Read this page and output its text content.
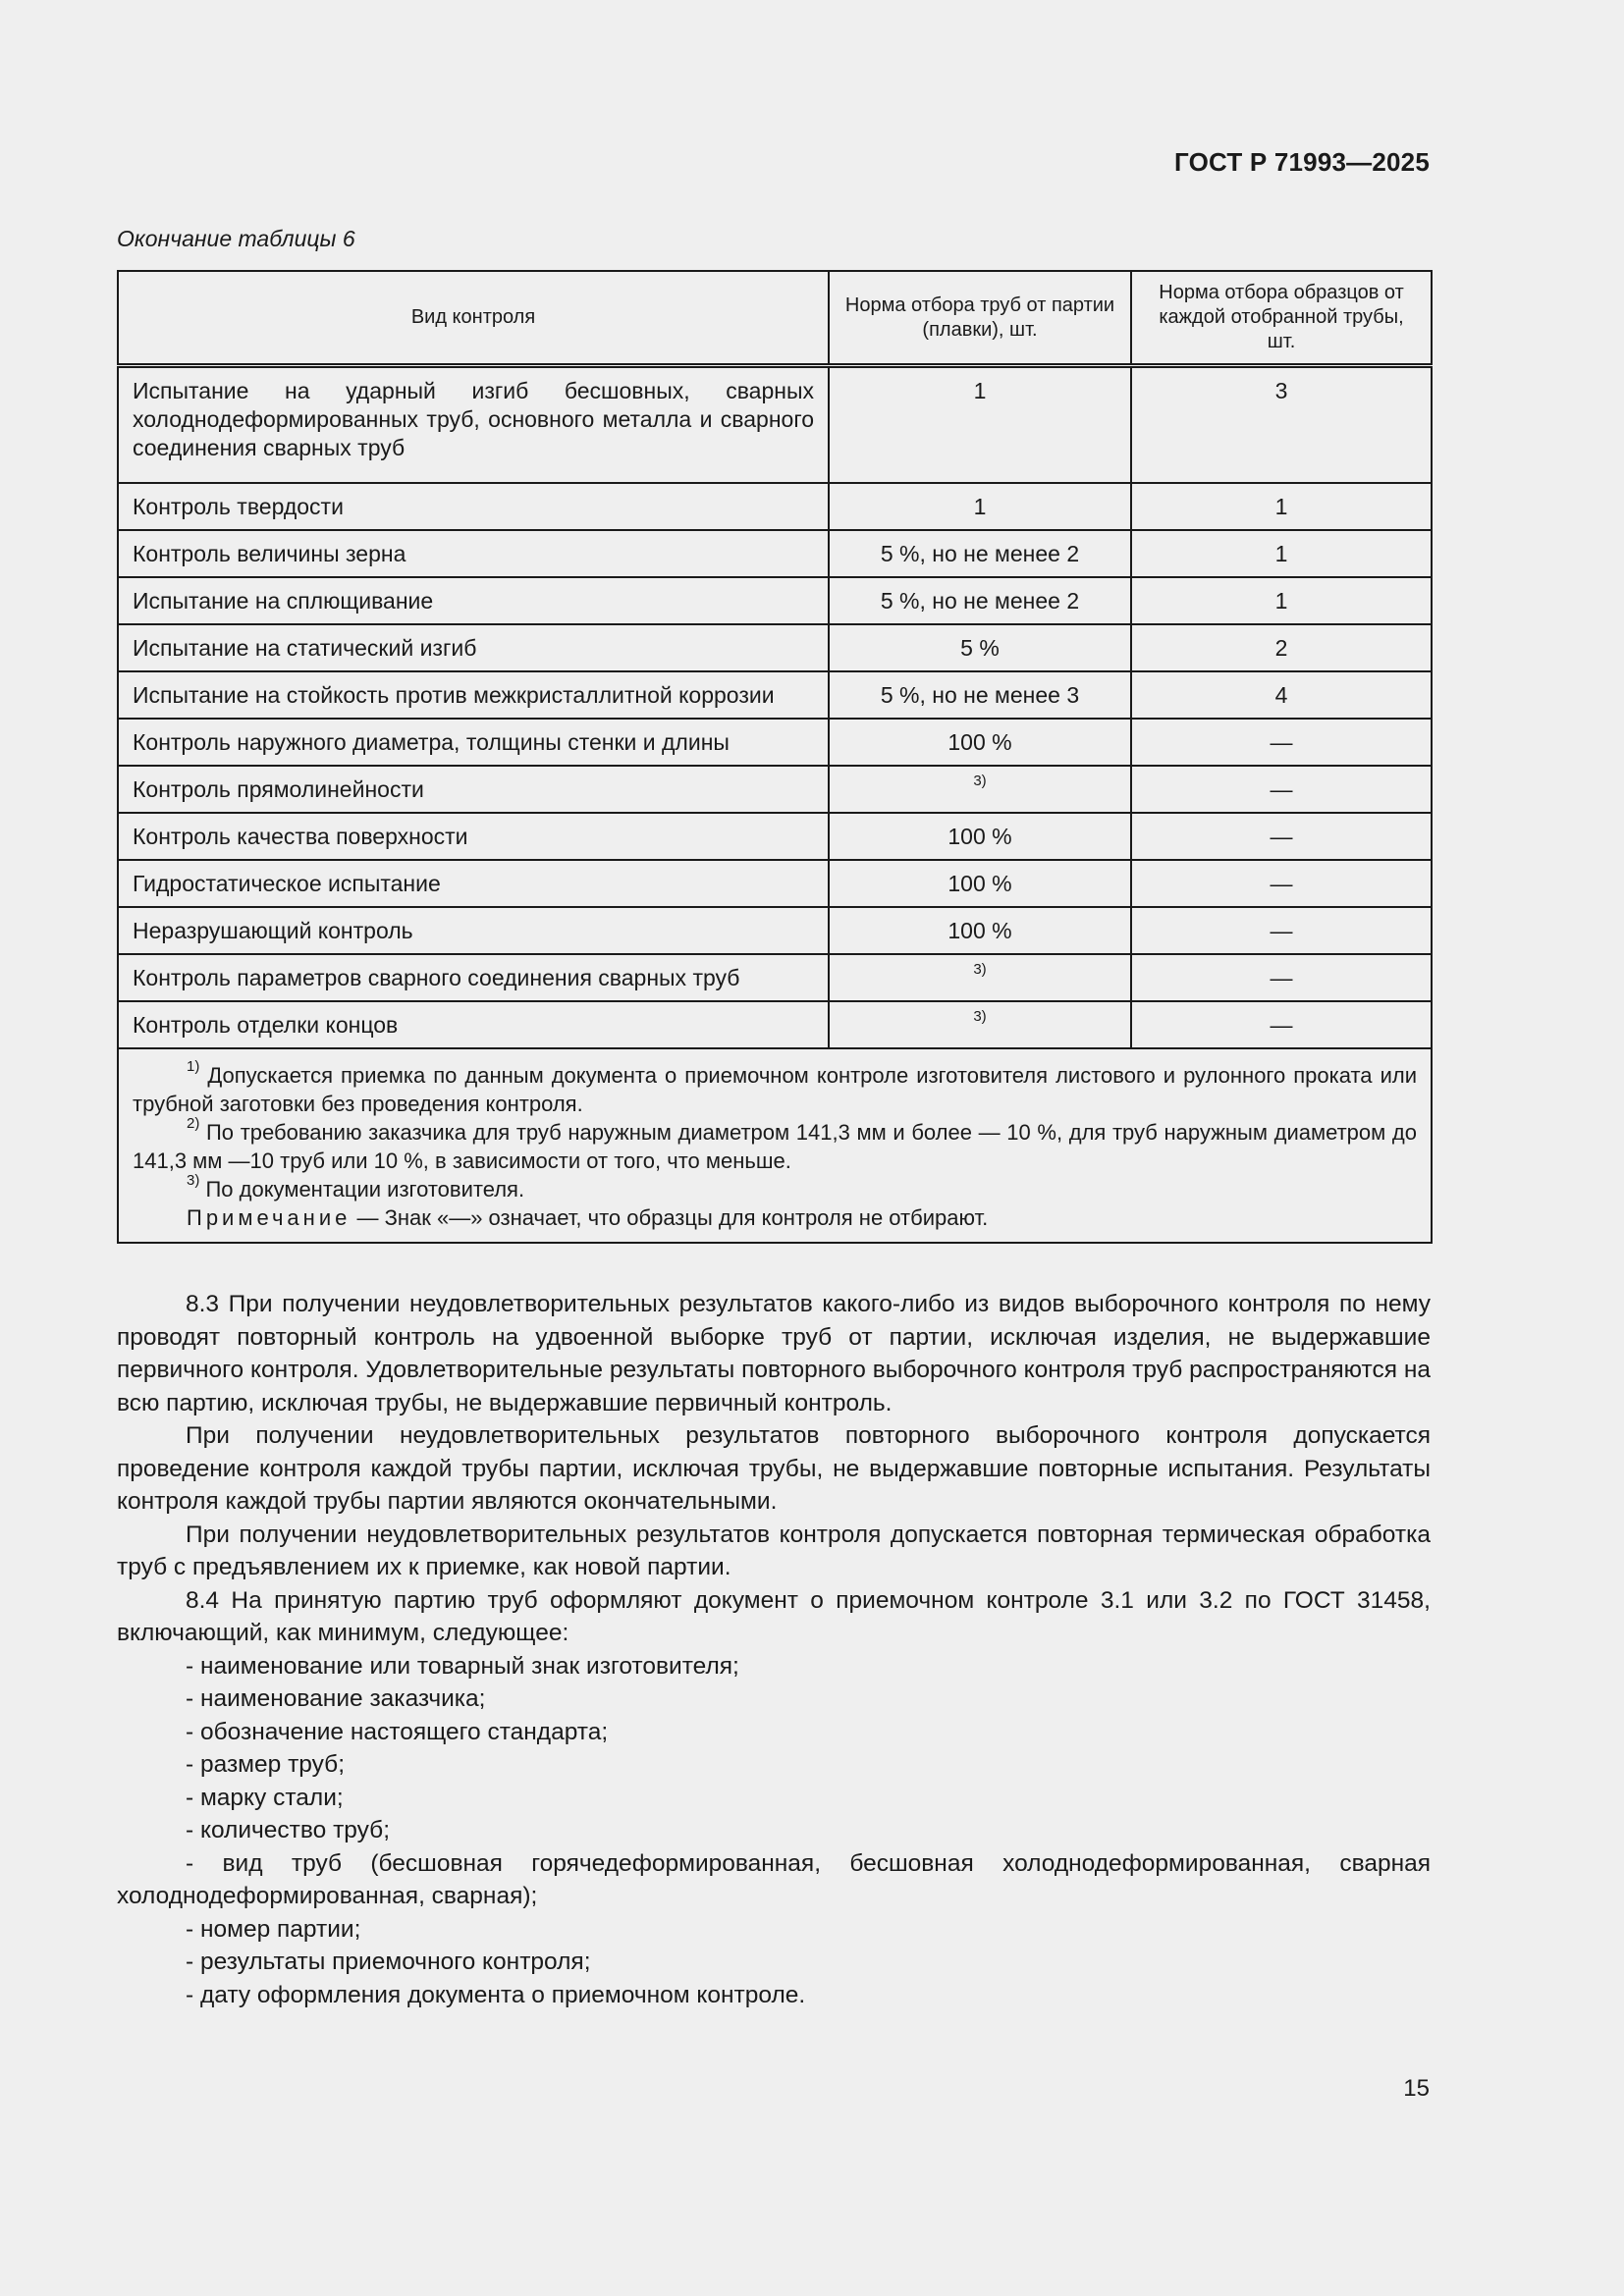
ГОСТ Р 71993—2025
Окончание таблицы 6
Вид контроля	Норма отбора труб от партии (плавки), шт.	Норма отбора образцов от каждой отобранной трубы, шт.
Испытание на ударный изгиб бесшовных, сварных холоднодеформированных труб, основного металла и сварного соединения сварных труб	1	3
Контроль твердости	1	1
Контроль величины зерна	5 %, но не менее 2	1
Испытание на сплющивание	5 %, но не менее 2	1
Испытание на статический изгиб	5 %	2
Испытание на стойкость против межкристаллитной коррозии	5 %, но не менее 3	4
Контроль наружного диаметра, толщины стенки и длины	100 %	—
Контроль прямолинейности	$^{3)}$	—
Контроль качества поверхности	100 %	—
Гидростатическое испытание	100 %	—
Неразрушающий контроль	100 %	—
Контроль параметров сварного соединения сварных труб	$^{3)}$	—
Контроль отделки концов	$^{3)}$	—

$^{1)}$ Допускается приемка по данным документа о приемочном контроле изготовителя листового и рулонного проката или трубной заготовки без проведения контроля.

$^{2)}$ По требованию заказчика для труб наружным диаметром 141,3 мм и более — 10 %, для труб наружным диаметром до 141,3 мм —10 труб или 10 %, в зависимости от того, что меньше.

$^{3)}$ По документации изготовителя.

Примечание — Знак «—» означает, что образцы для контроля не отбирают.		

8.3 При получении неудовлетворительных результатов какого-либо из видов выборочного контроля по нему проводят повторный контроль на удвоенной выборке труб от партии, исключая изделия, не выдержавшие первичного контроля. Удовлетворительные результаты повторного выборочного контроля труб распространяются на всю партию, исключая трубы, не выдержавшие первичный контроль.

При получении неудовлетворительных результатов повторного выборочного контроля допускается проведение контроля каждой трубы партии, исключая трубы, не выдержавшие повторные испытания. Результаты контроля каждой трубы партии являются окончательными.

При получении неудовлетворительных результатов контроля допускается повторная термическая обработка труб с предъявлением их к приемке, как новой партии.

8.4 На принятую партию труб оформляют документ о приемочном контроле 3.1 или 3.2 по ГОСТ 31458, включающий, как минимум, следующее:

- наименование или товарный знак изготовителя;

- наименование заказчика;

- обозначение настоящего стандарта;

- размер труб;

- марку стали;

- количество труб;

- вид труб (бесшовная горячедеформированная, бесшовная холоднодеформированная, сварная холоднодеформированная, сварная);

- номер партии;

- результаты приемочного контроля;

- дату оформления документа о приемочном контроле.

15
